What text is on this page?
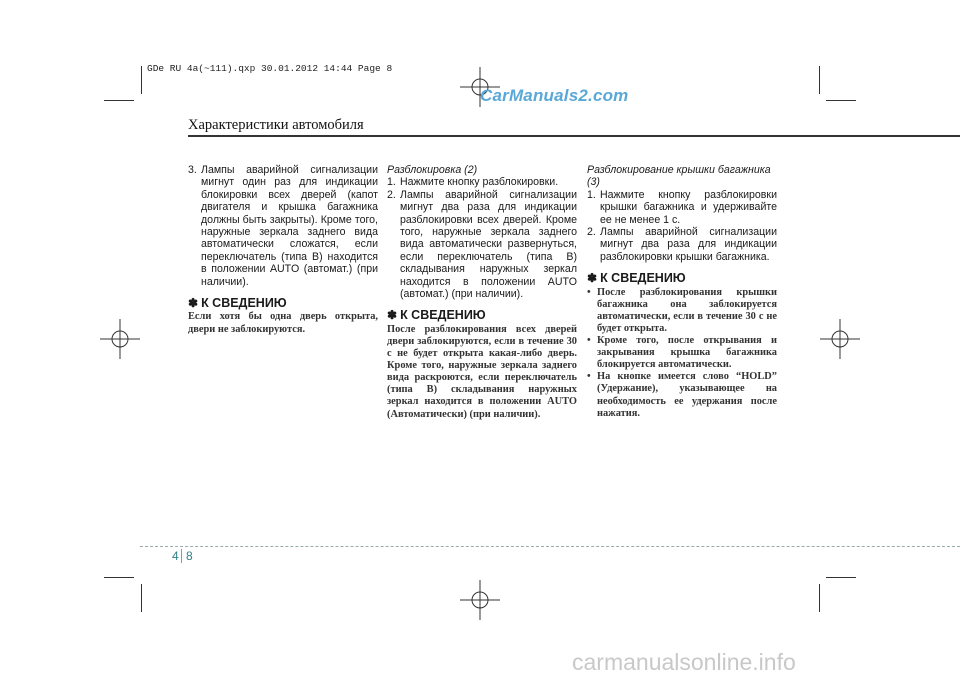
GDe RU 4a(~111).qxp 30.01.2012 14:44 Page 8
CarManuals2.com
Характеристики автомобиля

3. Лампы аварийной сигнализации мигнут один раз для индикации блокировки всех дверей (капот двигателя и крышка багажника должны быть закрыты). Кроме того, наружные зеркала заднего вида автоматически сложатся, если переключатель (типа В) находится в положении AUTO (автомат.) (при наличии).

✽ К СВЕДЕНИЮ

Если хотя бы одна дверь открыта, двери не заблокируются.

Разблокировка (2)

1. Нажмите кнопку разблокировки.

2. Лампы аварийной сигнализации мигнут два раза для индикации разблокировки всех дверей. Кроме того, наружные зеркала заднего вида автоматически развернуться, если переключатель (типа В) складывания наружных зеркал находится в положении AUTO (автомат.) (при наличии).

✽ К СВЕДЕНИЮ

После разблокирования всех дверей двери заблокируются, если в течение 30 с не будет открыта какая-либо дверь. Кроме того, наружные зеркала заднего вида раскроются, если переключатель (типа В) складывания наружных зеркал находится в положении AUTO (Автоматически) (при наличии).

Разблокирование крышки багажника (3)

1. Нажмите кнопку разблокировки крышки багажника и удерживайте ее не менее 1 с.

2. Лампы аварийной сигнализации мигнут два раза для индикации разблокировки крышки багажника.

✽ К СВЕДЕНИЮ

• После разблокирования крышки багажника она заблокируется автоматически, если в течение 30 с не будет открыта.

• Кроме того, после открывания и закрывания крышка багажника блокируется автоматически.

• На кнопке имеется слово “HOLD” (Удержание), указывающее на необходимость ее удержания после нажатия.

4 8
carmanualsonline.info
